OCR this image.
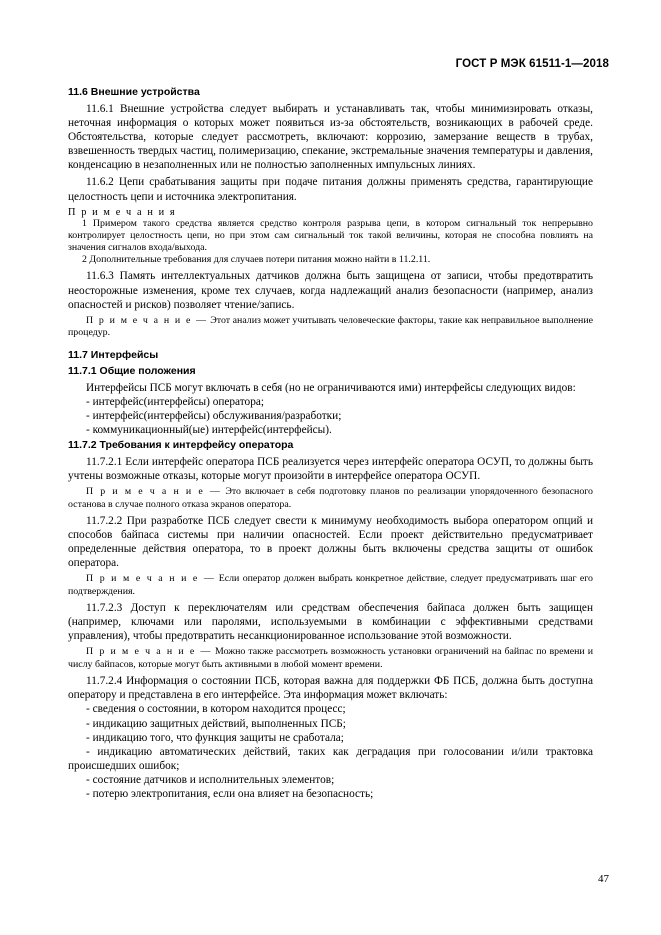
ГОСТ Р МЭК 61511-1—2018

11.6 Внешние устройства

11.6.1 Внешние устройства следует выбирать и устанавливать так, чтобы минимизировать отказы, неточная информация о которых может появиться из-за обстоятельств, возникающих в рабочей среде. Обстоятельства, которые следует рассмотреть, включают: коррозию, замерзание веществ в трубах, взвешенность твердых частиц, полимеризацию, спекание, экстремальные значения температуры и давления, конденсацию в незаполненных или не полностью заполненных импульсных линиях.

11.6.2 Цепи срабатывания защиты при подаче питания должны применять средства, гарантирующие целостность цепи и источника электропитания.

П р и м е ч а н и я

1 Примером такого средства является средство контроля разрыва цепи, в котором сигнальный ток непрерывно контролирует целостность цепи, но при этом сам сигнальный ток такой величины, которая не способна повлиять на значения сигналов входа/выхода.

2 Дополнительные требования для случаев потери питания можно найти в 11.2.11.

11.6.3 Память интеллектуальных датчиков должна быть защищена от записи, чтобы предотвратить неосторожные изменения, кроме тех случаев, когда надлежащий анализ безопасности (например, анализ опасностей и рисков) позволяет чтение/запись.

П р и м е ч а н и е — Этот анализ может учитывать человеческие факторы, такие как неправильное выполнение процедур.

11.7 Интерфейсы

11.7.1 Общие положения

Интерфейсы ПСБ могут включать в себя (но не ограничиваются ими) интерфейсы следующих видов:

- интерфейс(интерфейсы) оператора;

- интерфейс(интерфейсы) обслуживания/разработки;

- коммуникационный(ые) интерфейс(интерфейсы).

11.7.2 Требования к интерфейсу оператора

11.7.2.1 Если интерфейс оператора ПСБ реализуется через интерфейс оператора ОСУП, то должны быть учтены возможные отказы, которые могут произойти в интерфейсе оператора ОСУП.

П р и м е ч а н и е — Это включает в себя подготовку планов по реализации упорядоченного безопасного останова в случае полного отказа экранов оператора.

11.7.2.2 При разработке ПСБ следует свести к минимуму необходимость выбора оператором опций и способов байпаса системы при наличии опасностей. Если проект действительно предусматривает определенные действия оператора, то в проект должны быть включены средства защиты от ошибок оператора.

П р и м е ч а н и е — Если оператор должен выбрать конкретное действие, следует предусматривать шаг его подтверждения.

11.7.2.3 Доступ к переключателям или средствам обеспечения байпаса должен быть защищен (например, ключами или паролями, используемыми в комбинации с эффективными средствами управления), чтобы предотвратить несанкционированное использование этой возможности.

П р и м е ч а н и е — Можно также рассмотреть возможность установки ограничений на байпас по времени и числу байпасов, которые могут быть активными в любой момент времени.

11.7.2.4 Информация о состоянии ПСБ, которая важна для поддержки ФБ ПСБ, должна быть доступна оператору и представлена в его интерфейсе. Эта информация может включать:

- сведения о состоянии, в котором находится процесс;

- индикацию защитных действий, выполненных ПСБ;

- индикацию того, что функция защиты не сработала;

- индикацию автоматических действий, таких как деградация при голосовании и/или трактовка происшедших ошибок;

- состояние датчиков и исполнительных элементов;

- потерю электропитания, если она влияет на безопасность;

47
